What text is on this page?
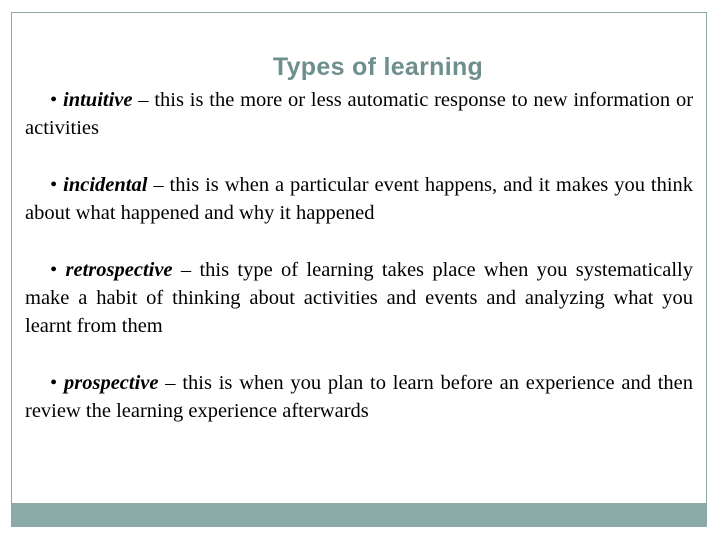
Types of learning

• intuitive – this is the more or less automatic response to new information or activities

• incidental – this is when a particular event happens, and it makes you think about what happened and why it happened

• retrospective – this type of learning takes place when you systematically make a habit of thinking about activities and events and analyzing what you learnt from them

• prospective – this is when you plan to learn before an experience and then review the learning experience afterwards
